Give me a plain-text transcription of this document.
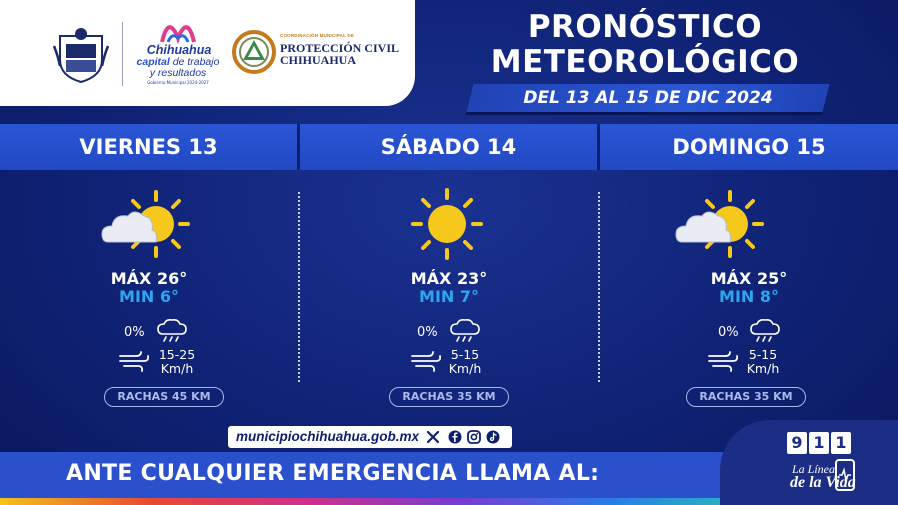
Chihuahua
capital de trabajo
y resultados
Gobierno Municipal 2024-2027
COORDINACIÓN MUNICIPAL DE
PROTECCIÓN CIVIL
CHIHUAHUA
PRONÓSTICO
METEOROLÓGICO
DEL 13 AL 15 DE DIC 2024
VIERNES 13	SÁBADO 14	DOMINGO 15
MÁX 26°
MIN 6°
0%
15-25
Km/h
RACHAS 45 KM
MÁX 23°
MIN 7°
0%
5-15
Km/h
RACHAS 35 KM
MÁX 25°
MIN 8°
0%
5-15
Km/h
RACHAS 35 KM
municipiochihuahua.gob.mx
ANTE CUALQUIER EMERGENCIA LLAMA AL:
9 1 1
La Línea
de la Vida
